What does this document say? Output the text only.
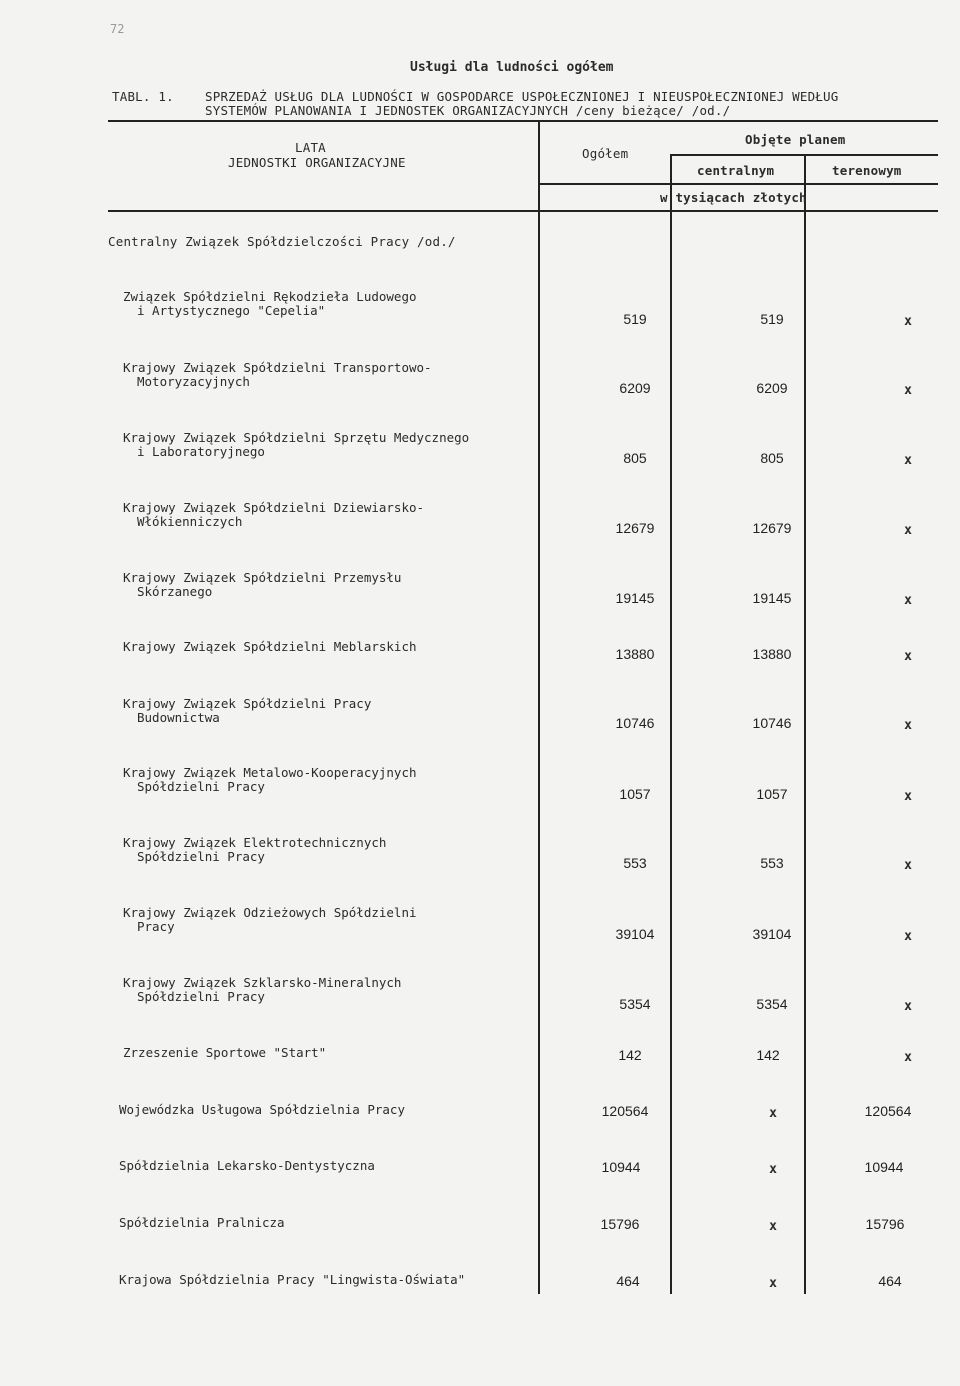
72
Usługi dla ludności ogółem
TABL. 1. SPRZEDAŻ USŁUG DLA LUDNOŚCI W GOSPODARCE USPOŁECZNIONEJ I NIEUSPOŁECZNIONEJ WEDŁUG
SYSTEMÓW PLANOWANIA I JEDNOSTEK ORGANIZACYJNYCH /ceny bieżące/ /od./
LATA
JEDNOSTKI ORGANIZACYJNE
Ogółem
Objęte planem
centralnym	terenowym
w tysiącach złotych
Centralny Związek Spółdzielczości Pracy /od./
Związek Spółdzielni Rękodzieła Ludowego
i Artystycznego "Cepelia"
519	519	x
Krajowy Związek Spółdzielni Transportowo-
Motoryzacyjnych	6209	6209	x
Krajowy Związek Spółdzielni Sprzętu Medycznego
i Laboratoryjnego	805	805	x
Krajowy Związek Spółdzielni Dziewiarsko-
Włókienniczych	12679	12679	x
Krajowy Związek Spółdzielni Przemysłu
Skórzanego	19145	19145	x
Krajowy Związek Spółdzielni Meblarskich	13880	13880	x
Krajowy Związek Spółdzielni Pracy
Budownictwa	10746	10746	x
Krajowy Związek Metalowo-Kooperacyjnych
Spółdzielni Pracy	1057	1057	x
Krajowy Związek Elektrotechnicznych
Spółdzielni Pracy	553	553	x
Krajowy Związek Odzieżowych Spółdzielni
Pracy	39104	39104	x
Krajowy Związek Szklarsko-Mineralnych
Spółdzielni Pracy	5354	5354	x
Zrzeszenie Sportowe "Start"	142	142	x
Wojewódzka Usługowa Spółdzielnia Pracy	120564	x	120564
Spółdzielnia Lekarsko-Dentystyczna	10944	x	10944
Spółdzielnia Pralnicza	15796	x	15796
Krajowa Spółdzielnia Pracy "Lingwista-Oświata"	464	x	464
